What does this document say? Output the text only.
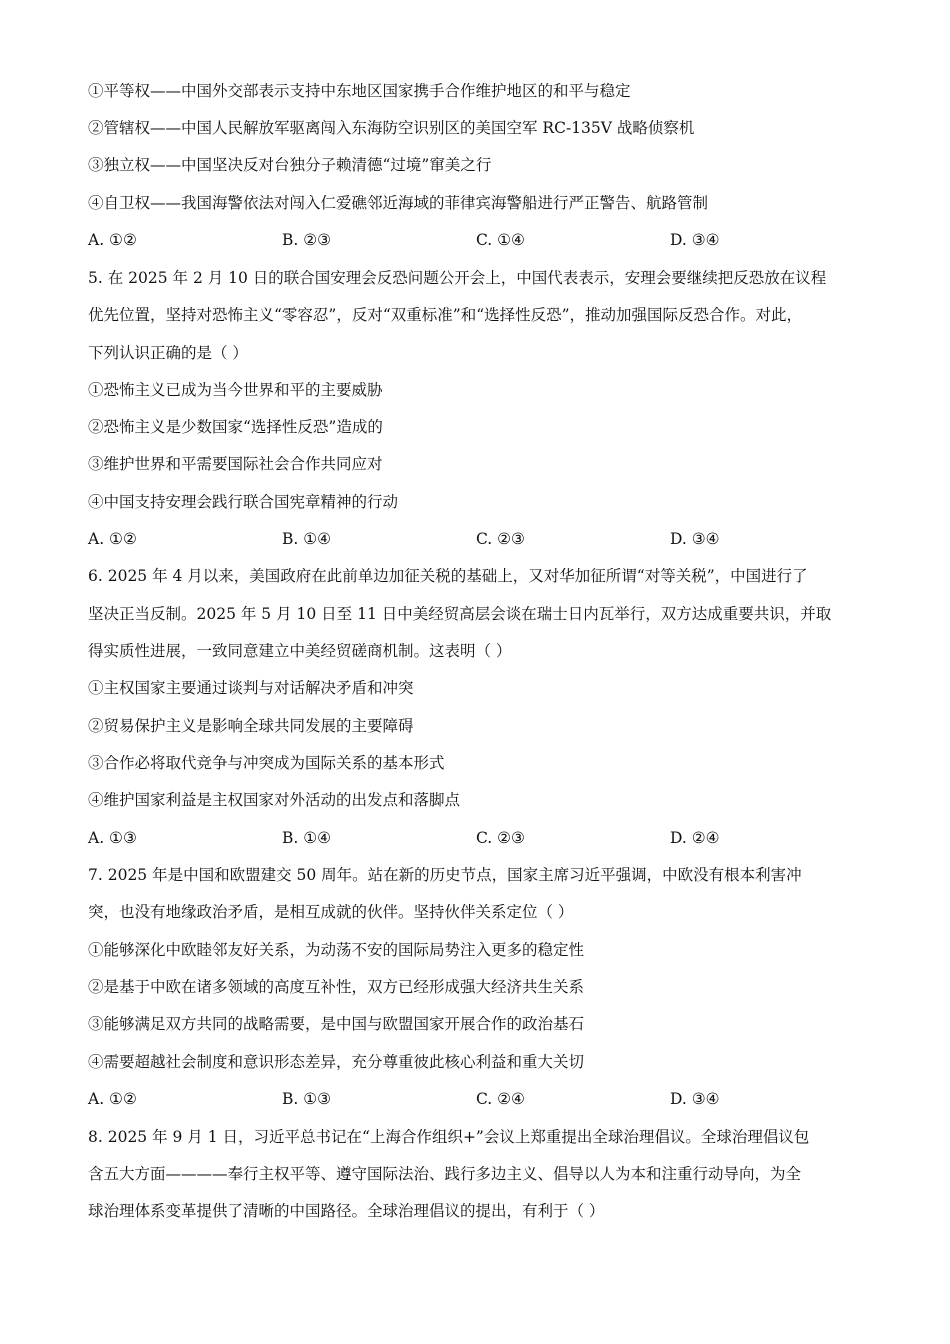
①平等权——中国外交部表示支持中东地区国家携手合作维护地区的和平与稳定
②管辖权——中国人民解放军驱离闯入东海防空识别区的美国空军 RC-135V 战略侦察机
③独立权——中国坚决反对台独分子赖清德“过境”窜美之行
④自卫权——我国海警依法对闯入仁爱礁邻近海域的菲律宾海警船进行严正警告、航路管制
A. ①②	B. ②③	C. ①④	D. ③④
5. 在 2025 年 2 月 10 日的联合国安理会反恐问题公开会上，中国代表表示，安理会要继续把反恐放在议程
优先位置，坚持对恐怖主义“零容忍”，反对“双重标准”和“选择性反恐”，推动加强国际反恐合作。对此，
下列认识正确的是（ ）
①恐怖主义已成为当今世界和平的主要威胁
②恐怖主义是少数国家“选择性反恐”造成的
③维护世界和平需要国际社会合作共同应对
④中国支持安理会践行联合国宪章精神的行动
A. ①②	B. ①④	C. ②③	D. ③④
6. 2025 年 4 月以来，美国政府在此前单边加征关税的基础上，又对华加征所谓“对等关税”，中国进行了
坚决正当反制。2025 年 5 月 10 日至 11 日中美经贸高层会谈在瑞士日内瓦举行，双方达成重要共识，并取
得实质性进展，一致同意建立中美经贸磋商机制。这表明（ ）
①主权国家主要通过谈判与对话解决矛盾和冲突
②贸易保护主义是影响全球共同发展的主要障碍
③合作必将取代竞争与冲突成为国际关系的基本形式
④维护国家利益是主权国家对外活动的出发点和落脚点
A. ①③	B. ①④	C. ②③	D. ②④
7. 2025 年是中国和欧盟建交 50 周年。站在新的历史节点，国家主席习近平强调，中欧没有根本利害冲
突，也没有地缘政治矛盾，是相互成就的伙伴。坚持伙伴关系定位（ ）
①能够深化中欧睦邻友好关系，为动荡不安的国际局势注入更多的稳定性
②是基于中欧在诸多领域的高度互补性，双方已经形成强大经济共生关系
③能够满足双方共同的战略需要，是中国与欧盟国家开展合作的政治基石
④需要超越社会制度和意识形态差异，充分尊重彼此核心利益和重大关切
A. ①②	B. ①③	C. ②④	D. ③④
8. 2025 年 9 月 1 日，习近平总书记在“上海合作组织+”会议上郑重提出全球治理倡议。全球治理倡议包
含五大方面————奉行主权平等、遵守国际法治、践行多边主义、倡导以人为本和注重行动导向，为全
球治理体系变革提供了清晰的中国路径。全球治理倡议的提出，有利于（ ）
